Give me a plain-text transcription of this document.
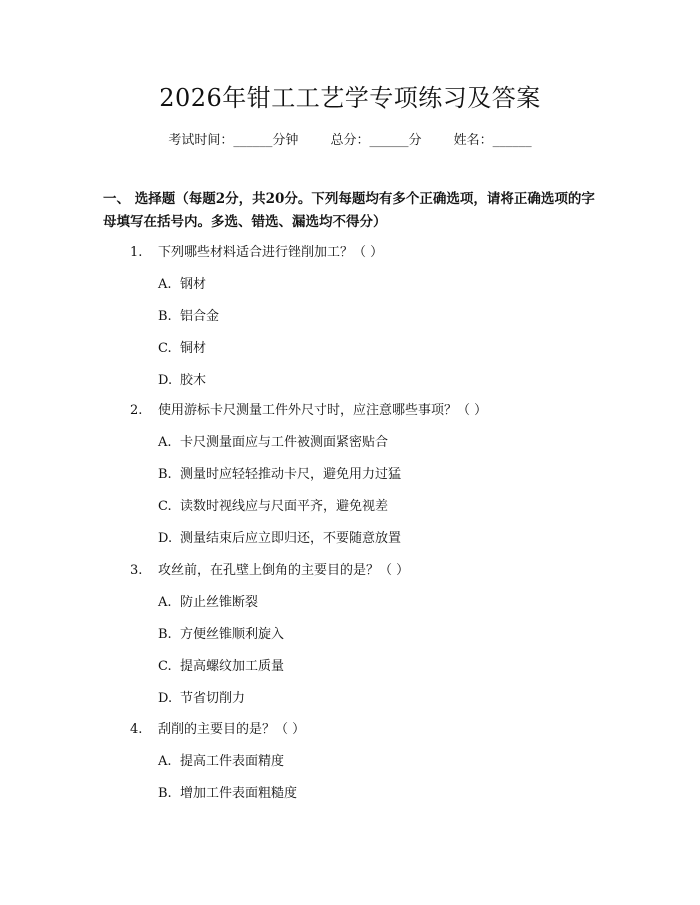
2026年钳工工艺学专项练习及答案
考试时间：______分钟 总分：______分 姓名：______
一、 选择题（每题2分，共20分。下列每题均有多个正确选项，请将正确选项的字母填写在括号内。多选、错选、漏选均不得分）
1. 下列哪些材料适合进行锉削加工？（ ）
A. 钢材
B. 铝合金
C. 铜材
D. 胶木
2. 使用游标卡尺测量工件外尺寸时，应注意哪些事项？（ ）
A. 卡尺测量面应与工件被测面紧密贴合
B. 测量时应轻轻推动卡尺，避免用力过猛
C. 读数时视线应与尺面平齐，避免视差
D. 测量结束后应立即归还，不要随意放置
3. 攻丝前，在孔壁上倒角的主要目的是？（ ）
A. 防止丝锥断裂
B. 方便丝锥顺利旋入
C. 提高螺纹加工质量
D. 节省切削力
4. 刮削的主要目的是？（ ）
A. 提高工件表面精度
B. 增加工件表面粗糙度
